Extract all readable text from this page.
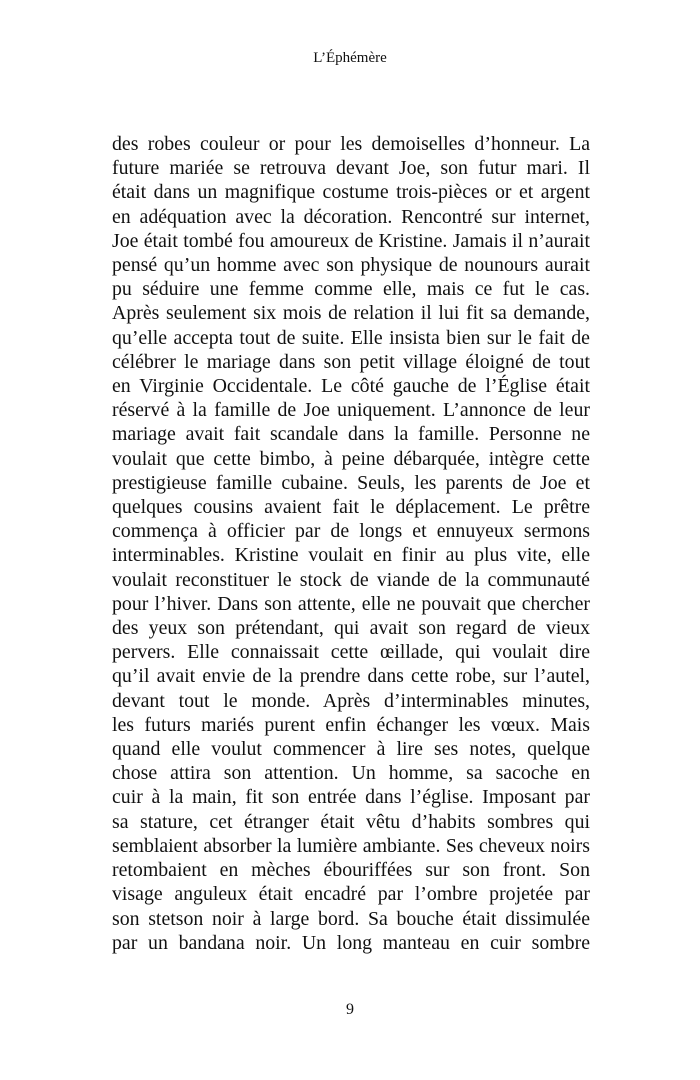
L’Éphémère
des robes couleur or pour les demoiselles d’honneur. La
future mariée se retrouva devant Joe, son futur mari. Il
était dans un magnifique costume trois-pièces or et argent
en adéquation avec la décoration. Rencontré sur internet,
Joe était tombé fou amoureux de Kristine. Jamais il n’aurait
pensé qu’un homme avec son physique de nounours aurait
pu séduire une femme comme elle, mais ce fut le cas.
Après seulement six mois de relation il lui fit sa demande,
qu’elle accepta tout de suite. Elle insista bien sur le fait de
célébrer le mariage dans son petit village éloigné de tout
en Virginie Occidentale. Le côté gauche de l’Église était
réservé à la famille de Joe uniquement. L’annonce de leur
mariage avait fait scandale dans la famille. Personne ne
voulait que cette bimbo, à peine débarquée, intègre cette
prestigieuse famille cubaine. Seuls, les parents de Joe et
quelques cousins avaient fait le déplacement. Le prêtre
commença à officier par de longs et ennuyeux sermons
interminables. Kristine voulait en finir au plus vite, elle
voulait reconstituer le stock de viande de la communauté
pour l’hiver. Dans son attente, elle ne pouvait que chercher
des yeux son prétendant, qui avait son regard de vieux
pervers. Elle connaissait cette œillade, qui voulait dire
qu’il avait envie de la prendre dans cette robe, sur l’autel,
devant tout le monde. Après d’interminables minutes,
les futurs mariés purent enfin échanger les vœux. Mais
quand elle voulut commencer à lire ses notes, quelque
chose attira son attention. Un homme, sa sacoche en
cuir à la main, fit son entrée dans l’église. Imposant par
sa stature, cet étranger était vêtu d’habits sombres qui
semblaient absorber la lumière ambiante. Ses cheveux noirs
retombaient en mèches ébouriffées sur son front. Son
visage anguleux était encadré par l’ombre projetée par
son stetson noir à large bord. Sa bouche était dissimulée
par un bandana noir. Un long manteau en cuir sombre
9
